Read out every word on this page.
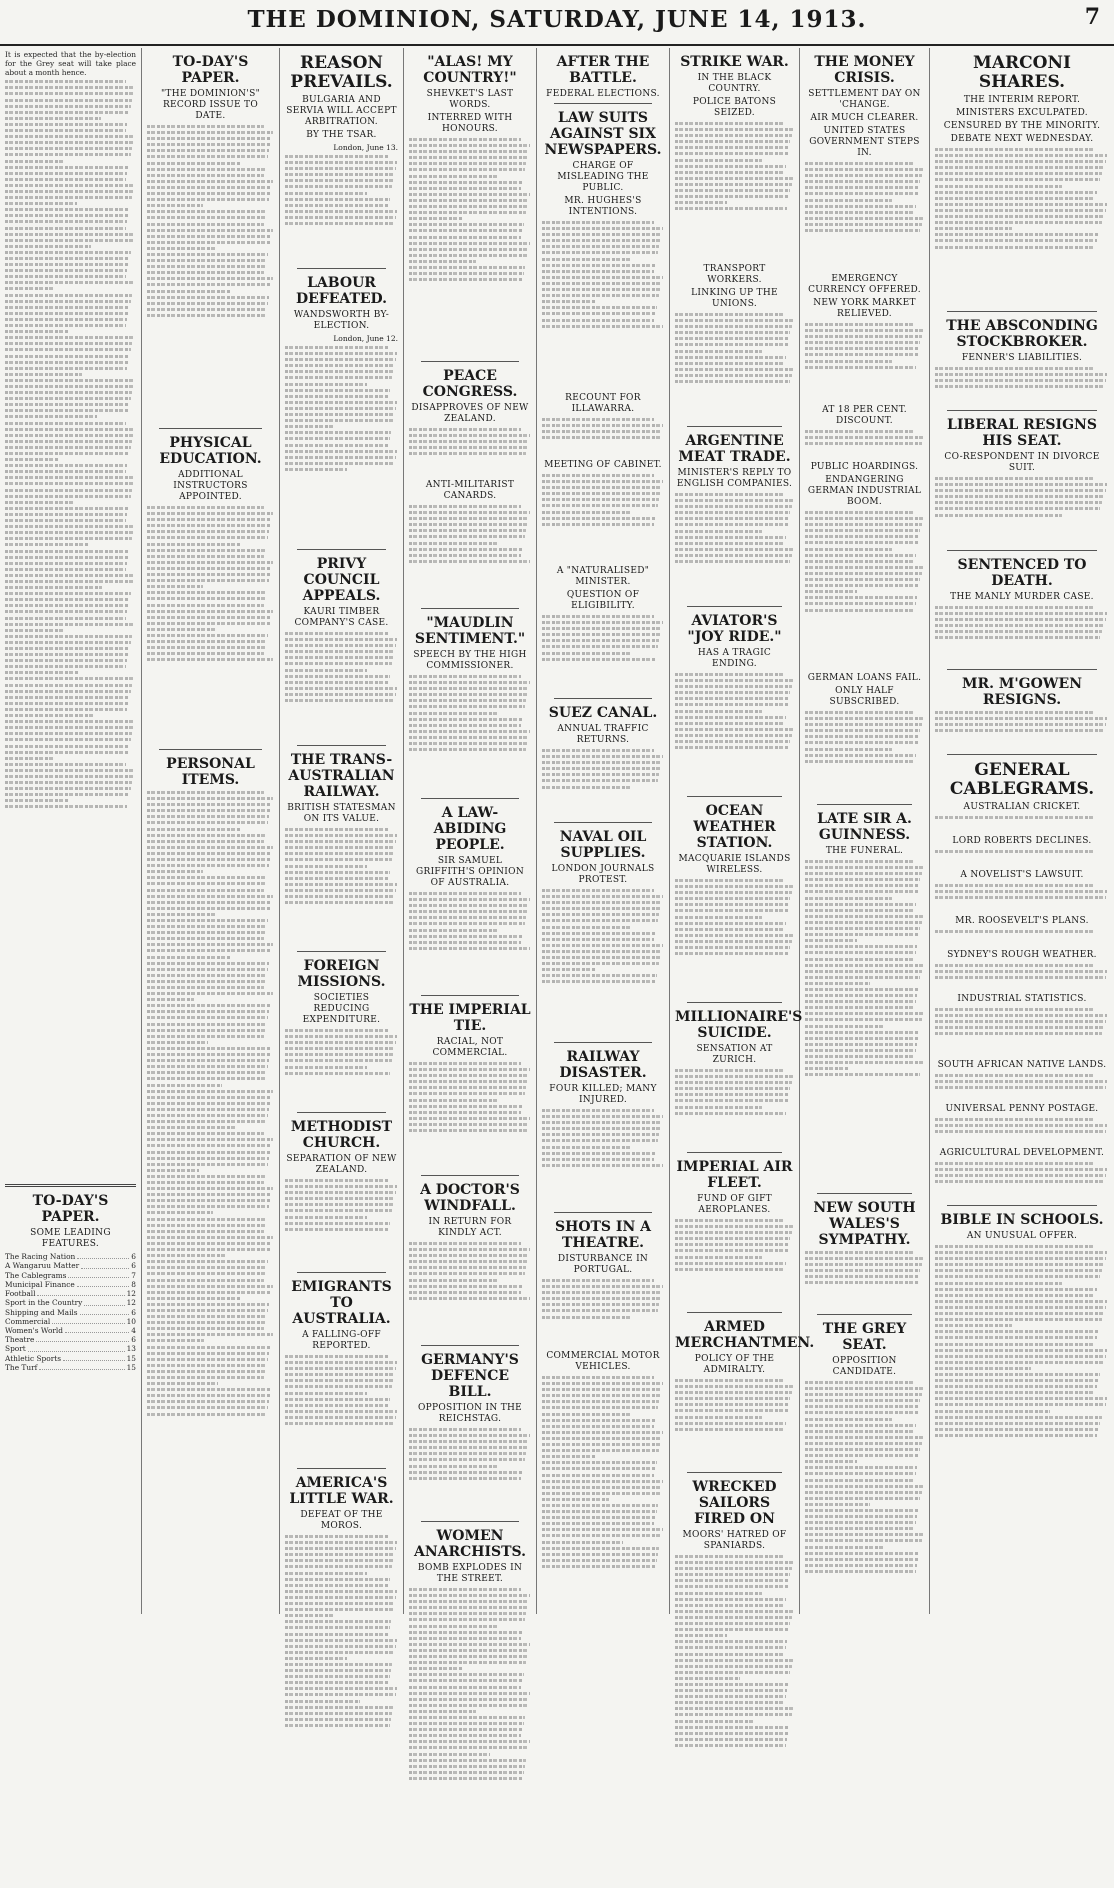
THE DOMINION, SATURDAY, JUNE 14, 1913.	7
It is expected that the by-election for the Grey seat will take place about a month hence.
TO-DAY'S PAPER.
SOME LEADING FEATURES.
The Racing Nation	6
A Wangaruu Matter	6
The Cablegrams	7
Municipal Finance	8
Football	12
Sport in the Country	12
Shipping and Mails	6
Commercial	10
Women's World	4
Theatre	6
Sport	13
Athletic Sports	15
The Turf	15
TO-DAY'S PAPER.
"THE DOMINION'S" RECORD ISSUE TO DATE.
PHYSICAL EDUCATION.
ADDITIONAL INSTRUCTORS APPOINTED.
PERSONAL ITEMS.
REASON PREVAILS.
BULGARIA AND SERVIA WILL ACCEPT ARBITRATION.
BY THE TSAR.
London, June 13.
LABOUR DEFEATED.
WANDSWORTH BY-ELECTION.
London, June 12.
PRIVY COUNCIL APPEALS.
KAURI TIMBER COMPANY'S CASE.
THE TRANS-AUSTRALIAN RAILWAY.
BRITISH STATESMAN ON ITS VALUE.
FOREIGN MISSIONS.
SOCIETIES REDUCING EXPENDITURE.
METHODIST CHURCH.
SEPARATION OF NEW ZEALAND.
EMIGRANTS TO AUSTRALIA.
A FALLING-OFF REPORTED.
AMERICA'S LITTLE WAR.
DEFEAT OF THE MOROS.
"ALAS! MY COUNTRY!"
SHEVKET'S LAST WORDS.
INTERRED WITH HONOURS.
PEACE CONGRESS.
DISAPPROVES OF NEW ZEALAND.
ANTI-MILITARIST CANARDS.
"MAUDLIN SENTIMENT."
SPEECH BY THE HIGH COMMISSIONER.
A LAW-ABIDING PEOPLE.
SIR SAMUEL GRIFFITH'S OPINION OF AUSTRALIA.
THE IMPERIAL TIE.
RACIAL, NOT COMMERCIAL.
A DOCTOR'S WINDFALL.
IN RETURN FOR KINDLY ACT.
GERMANY'S DEFENCE BILL.
OPPOSITION IN THE REICHSTAG.
WOMEN ANARCHISTS.
BOMB EXPLODES IN THE STREET.
AFTER THE BATTLE.
FEDERAL ELECTIONS.
LAW SUITS AGAINST SIX NEWSPAPERS.
CHARGE OF MISLEADING THE PUBLIC.
MR. HUGHES'S INTENTIONS.
RECOUNT FOR ILLAWARRA.
MEETING OF CABINET.
A "NATURALISED" MINISTER.
QUESTION OF ELIGIBILITY.
SUEZ CANAL.
ANNUAL TRAFFIC RETURNS.
NAVAL OIL SUPPLIES.
LONDON JOURNALS PROTEST.
RAILWAY DISASTER.
FOUR KILLED; MANY INJURED.
SHOTS IN A THEATRE.
DISTURBANCE IN PORTUGAL.
COMMERCIAL MOTOR VEHICLES.
STRIKE WAR.
IN THE BLACK COUNTRY.
POLICE BATONS SEIZED.
TRANSPORT WORKERS.
LINKING UP THE UNIONS.
ARGENTINE MEAT TRADE.
MINISTER'S REPLY TO ENGLISH COMPANIES.
AVIATOR'S "JOY RIDE."
HAS A TRAGIC ENDING.
OCEAN WEATHER STATION.
MACQUARIE ISLANDS WIRELESS.
MILLIONAIRE'S SUICIDE.
SENSATION AT ZURICH.
IMPERIAL AIR FLEET.
FUND OF GIFT AEROPLANES.
ARMED MERCHANTMEN.
POLICY OF THE ADMIRALTY.
WRECKED SAILORS FIRED ON
MOORS' HATRED OF SPANIARDS.
THE MONEY CRISIS.
SETTLEMENT DAY ON 'CHANGE.
AIR MUCH CLEARER.
UNITED STATES GOVERNMENT STEPS IN.
EMERGENCY CURRENCY OFFERED.
NEW YORK MARKET RELIEVED.
AT 18 PER CENT. DISCOUNT.
PUBLIC HOARDINGS.
ENDANGERING GERMAN INDUSTRIAL BOOM.
GERMAN LOANS FAIL.
ONLY HALF SUBSCRIBED.
LATE SIR A. GUINNESS.
THE FUNERAL.
NEW SOUTH WALES'S SYMPATHY.
THE GREY SEAT.
OPPOSITION CANDIDATE.
MARCONI SHARES.
THE INTERIM REPORT.
MINISTERS EXCULPATED.
CENSURED BY THE MINORITY.
DEBATE NEXT WEDNESDAY.
THE ABSCONDING STOCKBROKER.
FENNER'S LIABILITIES.
LIBERAL RESIGNS HIS SEAT.
CO-RESPONDENT IN DIVORCE SUIT.
SENTENCED TO DEATH.
THE MANLY MURDER CASE.
MR. M'GOWEN RESIGNS.
GENERAL CABLEGRAMS.
AUSTRALIAN CRICKET.
LORD ROBERTS DECLINES.
A NOVELIST'S LAWSUIT.
MR. ROOSEVELT'S PLANS.
SYDNEY'S ROUGH WEATHER.
INDUSTRIAL STATISTICS.
SOUTH AFRICAN NATIVE LANDS.
UNIVERSAL PENNY POSTAGE.
AGRICULTURAL DEVELOPMENT.
BIBLE IN SCHOOLS.
AN UNUSUAL OFFER.
